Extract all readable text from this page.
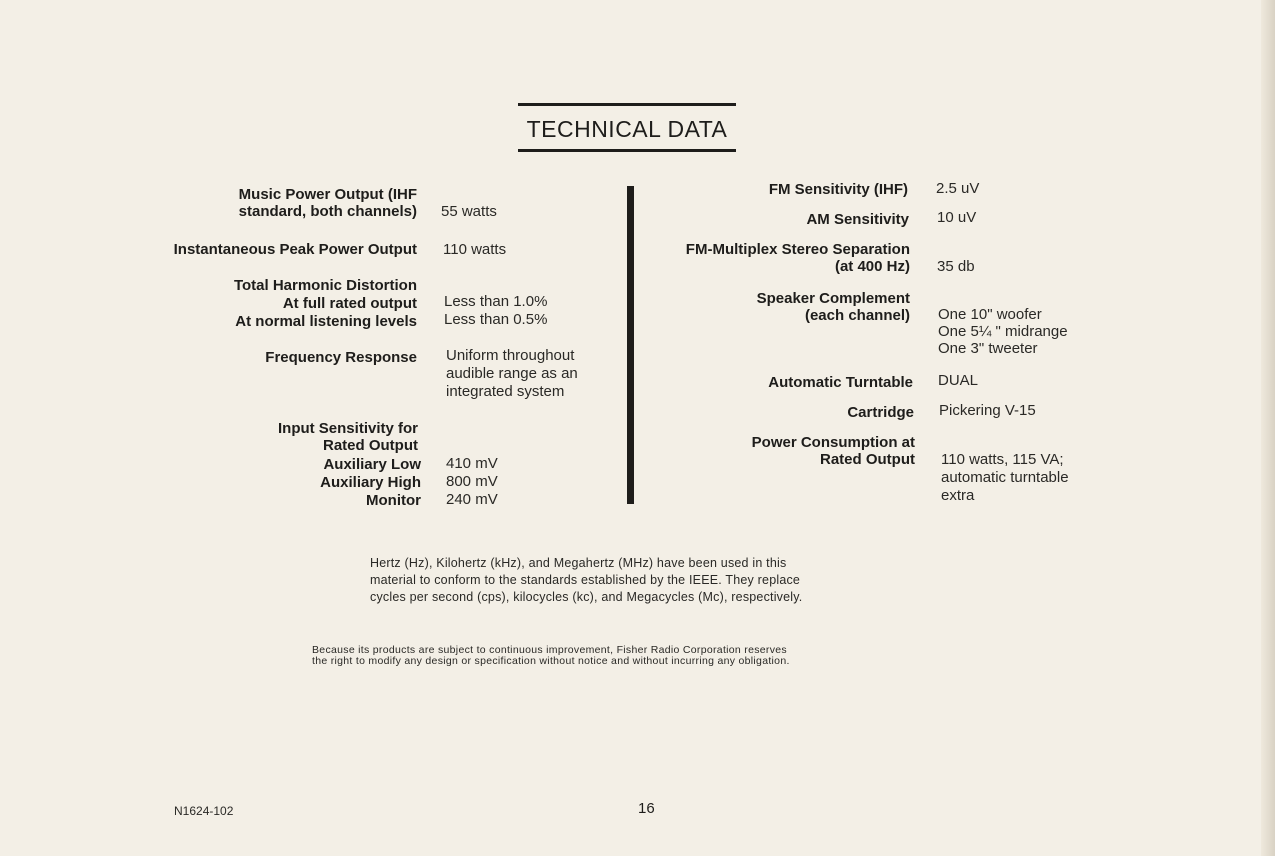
TECHNICAL DATA
Music Power Output (IHF
standard, both channels) 55 watts
Instantaneous Peak Power Output 110 watts
Total Harmonic Distortion
At full rated output Less than 1.0%
At normal listening levels Less than 0.5%
Frequency Response Uniform throughout
audible range as an
integrated system
Input Sensitivity for
Rated Output
Auxiliary Low 410 mV
Auxiliary High 800 mV
Monitor 240 mV
FM Sensitivity (IHF) 2.5 uV
AM Sensitivity 10 uV
FM-Multiplex Stereo Separation
(at 400 Hz) 35 db
Speaker Complement
(each channel) One 10" woofer
One 5¼ " midrange
One 3" tweeter
Automatic Turntable DUAL
Cartridge Pickering V-15
Power Consumption at
Rated Output 110 watts, 115 VA;
automatic turntable
extra
Hertz (Hz), Kilohertz (kHz), and Megahertz (MHz) have been used in this
material to conform to the standards established by the IEEE. They replace
cycles per second (cps), kilocycles (kc), and Megacycles (Mc), respectively.
Because its products are subject to continuous improvement, Fisher Radio Corporation reserves
the right to modify any design or specification without notice and without incurring any obligation.
N1624-102	16
